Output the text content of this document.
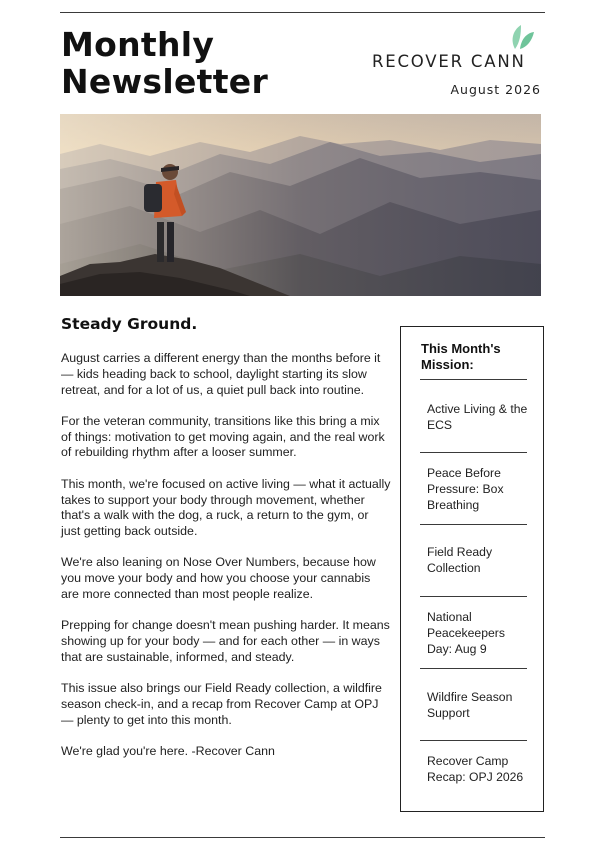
Monthly
Newsletter
RECOVER CANN
August 2026
Steady Ground.

August carries a different energy than the months before it — kids heading back to school, daylight starting its slow retreat, and for a lot of us, a quiet pull back into routine.

For the veteran community, transitions like this bring a mix of things: motivation to get moving again, and the real work of rebuilding rhythm after a looser summer.

This month, we're focused on active living — what it actually takes to support your body through movement, whether that's a walk with the dog, a ruck, a return to the gym, or just getting back outside.

We're also leaning on Nose Over Numbers, because how you move your body and how you choose your cannabis are more connected than most people realize.

Prepping for change doesn't mean pushing harder. It means showing up for your body — and for each other — in ways that are sustainable, informed, and steady.

This issue also brings our Field Ready collection, a wildfire season check-in, and a recap from Recover Camp at OPJ — plenty to get into this month.

We're glad you're here. -Recover Cann

This Month's
Mission:
Active Living & the ECS
Peace Before Pressure: Box Breathing
Field Ready Collection
National Peacekeepers Day: Aug 9
Wildfire Season Support
Recover Camp Recap: OPJ 2026
